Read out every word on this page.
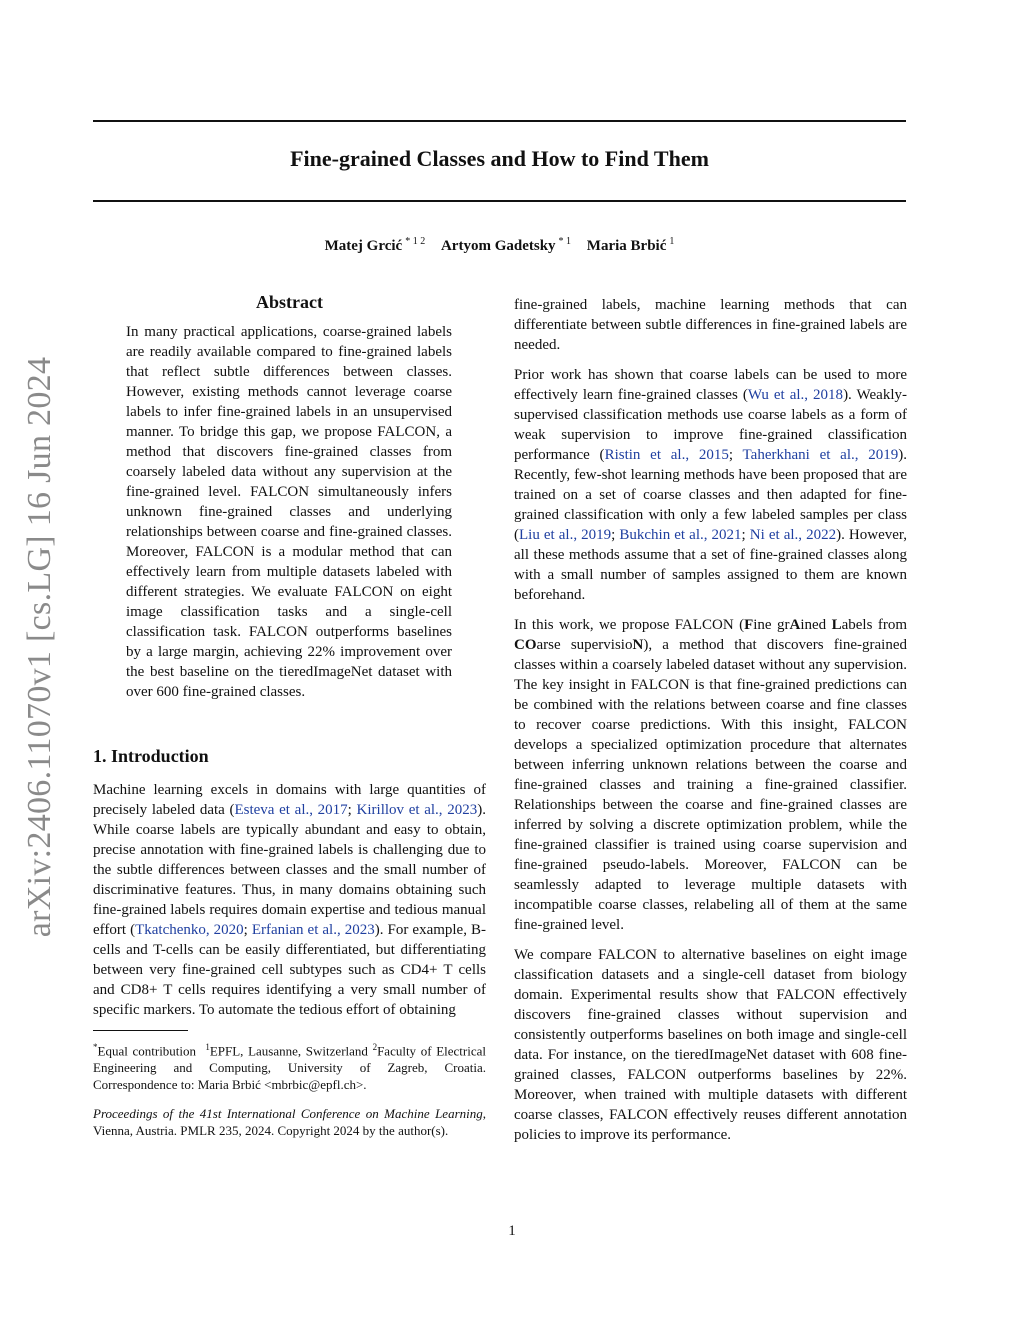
arXiv:2406.11070v1 [cs.LG] 16 Jun 2024
Fine-grained Classes and How to Find Them
Matej Grcić $^{* 1 2}$ Artyom Gadetsky $^{* 1}$ Maria Brbić $^1$
Abstract

In many practical applications, coarse-grained labels are readily available compared to fine-grained labels that reflect subtle differences between classes. However, existing methods cannot leverage coarse labels to infer fine-grained labels in an unsupervised manner. To bridge this gap, we propose FALCON, a method that discovers fine-grained classes from coarsely labeled data without any supervision at the fine-grained level. FALCON simultaneously infers unknown fine-grained classes and underlying relationships between coarse and fine-grained classes. Moreover, FALCON is a modular method that can effectively learn from multiple datasets labeled with different strategies. We evaluate FALCON on eight image classification tasks and a single-cell classification task. FALCON outperforms baselines by a large margin, achieving 22% improvement over the best baseline on the tieredImageNet dataset with over 600 fine-grained classes.

1. Introduction

Machine learning excels in domains with large quantities of precisely labeled data (Esteva et al., 2017; Kirillov et al., 2023). While coarse labels are typically abundant and easy to obtain, precise annotation with fine-grained labels is challenging due to the subtle differences between classes and the small number of discriminative features. Thus, in many domains obtaining such fine-grained labels requires domain expertise and tedious manual effort (Tkatchenko, 2020; Erfanian et al., 2023). For example, B-cells and T-cells can be easily differentiated, but differentiating between very fine-grained cell subtypes such as CD4+ T cells and CD8+ T cells requires identifying a very small number of specific markers. To automate the tedious effort of obtaining

*Equal contribution $^1$EPFL, Lausanne, Switzerland $^2$Faculty of Electrical Engineering and Computing, University of Zagreb, Croatia. Correspondence to: Maria Brbić <mbrbic@epfl.ch>.
Proceedings of the 41st International Conference on Machine Learning, Vienna, Austria. PMLR 235, 2024. Copyright 2024 by the author(s).

fine-grained labels, machine learning methods that can differentiate between subtle differences in fine-grained labels are needed.

Prior work has shown that coarse labels can be used to more effectively learn fine-grained classes (Wu et al., 2018). Weakly-supervised classification methods use coarse labels as a form of weak supervision to improve fine-grained classification performance (Ristin et al., 2015; Taherkhani et al., 2019). Recently, few-shot learning methods have been proposed that are trained on a set of coarse classes and then adapted for fine-grained classification with only a few labeled samples per class (Liu et al., 2019; Bukchin et al., 2021; Ni et al., 2022). However, all these methods assume that a set of fine-grained classes along with a small number of samples assigned to them are known beforehand.

In this work, we propose FALCON (Fine grAined Labels from COarse supervisioN), a method that discovers fine-grained classes within a coarsely labeled dataset without any supervision. The key insight in FALCON is that fine-grained predictions can be combined with the relations between coarse and fine classes to recover coarse predictions. With this insight, FALCON develops a specialized optimization procedure that alternates between inferring unknown relations between the coarse and fine-grained classes and training a fine-grained classifier. Relationships between the coarse and fine-grained classes are inferred by solving a discrete optimization problem, while the fine-grained classifier is trained using coarse supervision and fine-grained pseudo-labels. Moreover, FALCON can be seamlessly adapted to leverage multiple datasets with incompatible coarse classes, relabeling all of them at the same fine-grained level.

We compare FALCON to alternative baselines on eight image classification datasets and a single-cell dataset from biology domain. Experimental results show that FALCON effectively discovers fine-grained classes without supervision and consistently outperforms baselines on both image and single-cell data. For instance, on the tieredImageNet dataset with 608 fine-grained classes, FALCON outperforms baselines by 22%. Moreover, when trained with multiple datasets with different coarse classes, FALCON effectively reuses different annotation policies to improve its performance.

1
